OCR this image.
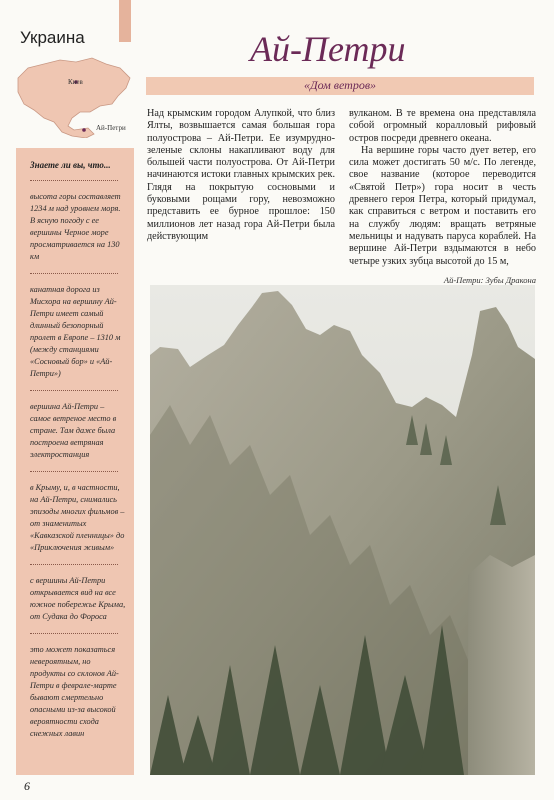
Украина
Киев
Ай-Петри
Ай-Петри
«Дом ветров»
Знаете ли вы, что...
высота горы составляет 1234 м над уровнем моря. В ясную погоду с ее вершины Черное море просматривается на 130 км
канатная дорога из Мисхора на вершину Ай-Петри имеет самый длинный безопорный пролет в Европе – 1310 м (между станциями «Сосновый бор» и «Ай-Петри»)
вершина Ай-Петри – самое ветреное место в стране. Там даже была построена ветряная электростанция
в Крыму, и, в частности, на Ай-Петри, снимались эпизоды многих фильмов – от знаменитых «Кавказской пленницы» до «Приключения живым»
с вершины Ай-Петри открывается вид на все южное побережье Крыма, от Судака до Фороса
это может показаться невероятным, но продукты со склонов Ай-Петри в феврале-марте бывают смертельно опасными из-за высокой вероятности схода снежных лавин

Над крымским городом Алупкой, что близ Ялты, возвышается самая большая гора полуострова – Ай-Петри. Ее изумрудно-зеленые склоны накапливают воду для большей части полуострова. От Ай-Петри начинаются истоки главных крымских рек. Глядя на покрытую сосновыми и буковыми рощами гору, невозможно представить ее бурное прошлое: 150 миллионов лет назад гора Ай-Петри была действующим

вулканом. В те времена она представляла собой огромный коралловый рифовый остров посреди древнего океана.

На вершине горы часто дует ветер, его сила может достигать 50 м/с. По легенде, свое название (которое переводится «Святой Петр») гора носит в честь древнего героя Петра, который придумал, как справиться с ветром и поставить его на службу людям: вращать ветряные мельницы и надувать паруса кораблей. На вершине Ай-Петри вздымаются в небо четыре узких зубца высотой до 15 м,

Ай-Петри: Зубы Дракона
6
